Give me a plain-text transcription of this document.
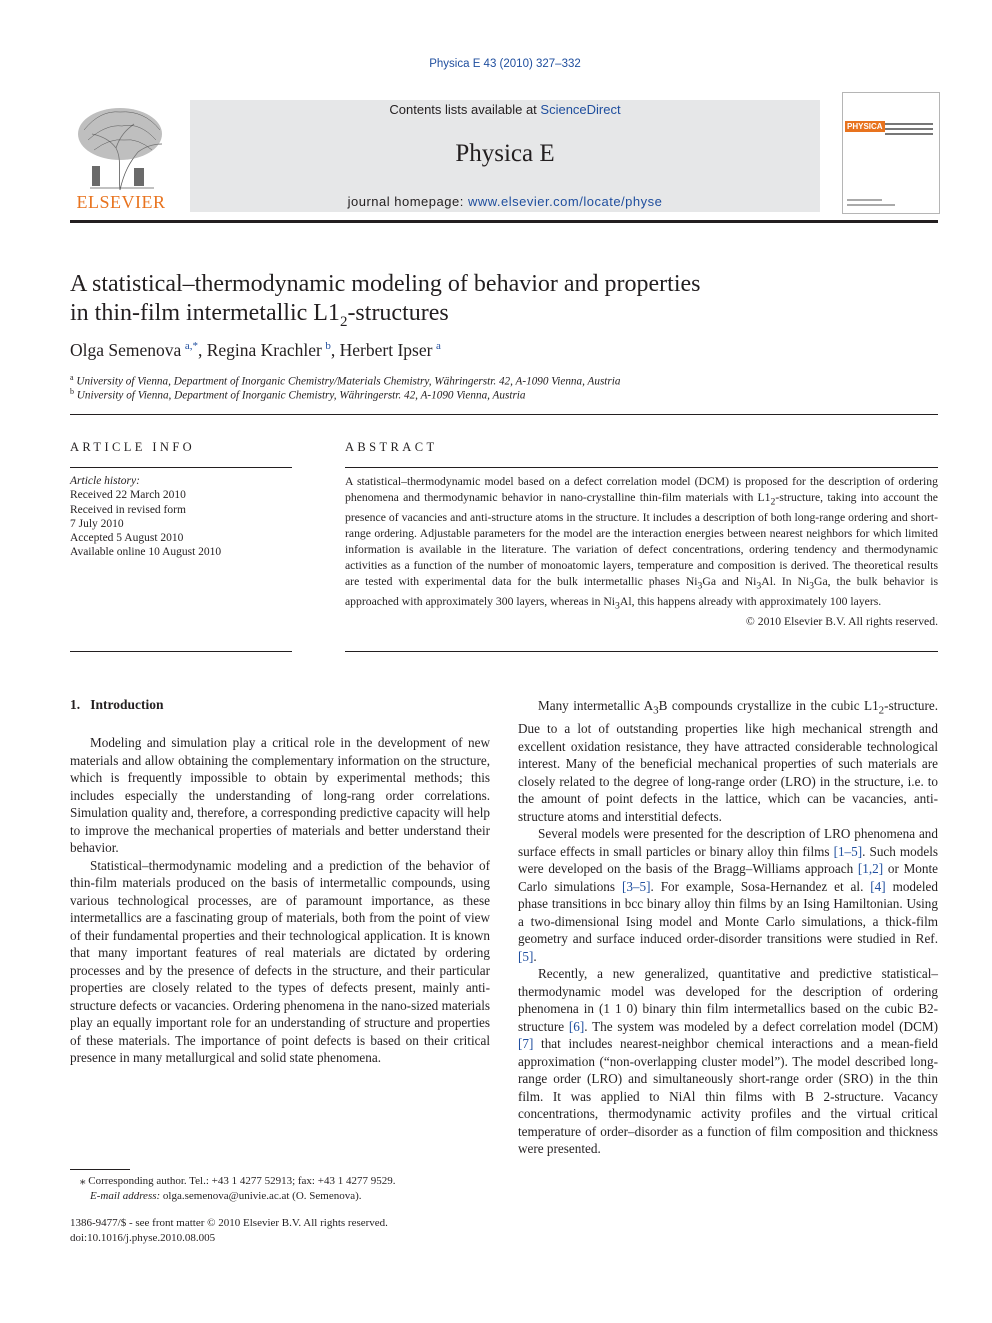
Physica E 43 (2010) 327–332
ELSEVIER
Contents lists available at ScienceDirect
Physica E
journal homepage: www.elsevier.com/locate/physe
PHYSICA
A statistical–thermodynamic modeling of behavior and properties
in thin-film intermetallic $L1_2$-structures
Olga Semenova  $^{a,*}$, Regina Krachler  $^b$, Herbert Ipser  $^a$
$^a$ University of Vienna, Department of Inorganic Chemistry/Materials Chemistry, Währingerstr. 42, A-1090 Vienna, Austria
$^b$ University of Vienna, Department of Inorganic Chemistry, Währingerstr. 42, A-1090 Vienna, Austria
ARTICLE INFO
Article history:
Received 22 March 2010
Received in revised form
7 July 2010
Accepted 5 August 2010
Available online 10 August 2010
ABSTRACT
A statistical–thermodynamic model based on a defect correlation model (DCM) is proposed for the description of ordering phenomena and thermodynamic behavior in nano-crystalline thin-film materials with $L1_2$-structure, taking into account the presence of vacancies and anti-structure atoms in the structure. It includes a description of both long-range ordering and short-range ordering. Adjustable parameters for the model are the interaction energies between nearest neighbors for which limited information is available in the literature. The variation of defect concentrations, ordering tendency and thermodynamic activities as a function of the number of monoatomic layers, temperature and composition is derived. The theoretical results are tested with experimental data for the bulk intermetallic phases $Ni_3Ga$ and $Ni_3Al$. In $Ni_3Ga$, the bulk behavior is approached with approximately 300 layers, whereas in $Ni_3Al$, this happens already with approximately 100 layers.
© 2010 Elsevier B.V. All rights reserved.
1. Introduction

Modeling and simulation play a critical role in the development of new materials and allow obtaining the complementary information on the structure, which is frequently impossible to obtain by experimental methods; this includes especially the understanding of long-rang order correlations. Simulation quality and, therefore, a corresponding predictive capacity will help to improve the mechanical properties of materials and better understand their behavior.

Statistical–thermodynamic modeling and a prediction of the behavior of thin-film materials produced on the basis of intermetallic compounds, using various technological processes, are of paramount importance, as these intermetallics are a fascinating group of materials, both from the point of view of their fundamental properties and their technological application. It is known that many important features of real materials are dictated by ordering processes and by the presence of defects in the structure, and their particular properties are closely related to the types of defects present, mainly anti-structure defects or vacancies. Ordering phenomena in the nano-sized materials play an equally important role for an understanding of structure and properties of these materials. The importance of point defects is based on their critical presence in many metallurgical and solid state phenomena.

Many intermetallic $A_3B$ compounds crystallize in the cubic $L1_2$-structure. Due to a lot of outstanding properties like high mechanical strength and excellent oxidation resistance, they have attracted considerable technological interest. Many of the beneficial mechanical properties of such materials are closely related to the degree of long-range order (LRO) in the structure, i.e. to the amount of point defects in the lattice, which can be vacancies, anti-structure atoms and interstitial defects.

Several models were presented for the description of LRO phenomena and surface effects in small particles or binary alloy thin films [1–5]. Such models were developed on the basis of the Bragg–Williams approach [1,2] or Monte Carlo simulations [3–5]. For example, Sosa-Hernandez et al. [4] modeled phase transitions in bcc binary alloy thin films by an Ising Hamiltonian. Using a two-dimensional Ising model and Monte Carlo simulations, a thick-film geometry and surface induced order-disorder transitions were studied in Ref. [5].

Recently, a new generalized, quantitative and predictive statistical–thermodynamic model was developed for the description of ordering phenomena in (1 1 0) binary thin film intermetallics based on the cubic B2-structure [6]. The system was modeled by a defect correlation model (DCM) [7] that includes nearest-neighbor chemical interactions and a mean-field approximation (“non-overlapping cluster model”). The model described long-range order (LRO) and simultaneously short-range order (SRO) in the thin film. It was applied to NiAl thin films with B 2-structure. Vacancy concentrations, thermodynamic activity profiles and the virtual critical temperature of order–disorder as a function of film composition and thickness were presented.

⁎ Corresponding author. Tel.: +43 1 4277 52913; fax: +43 1 4277 9529.
E-mail address: olga.semenova@univie.ac.at (O. Semenova).
1386-9477/$ - see front matter © 2010 Elsevier B.V. All rights reserved.
doi:10.1016/j.physe.2010.08.005
